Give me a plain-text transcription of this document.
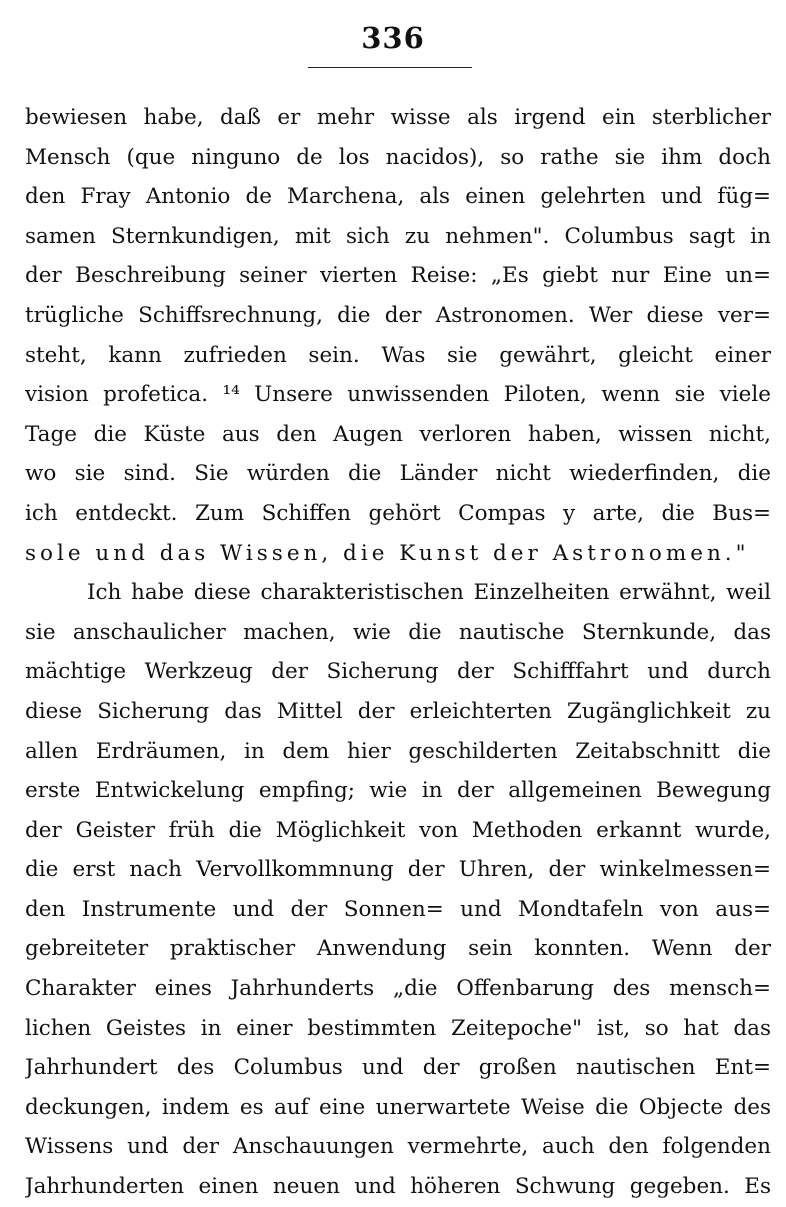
336
bewiesen habe, daß er mehr wisse als irgend ein sterblicher
Mensch (que ninguno de los nacidos), so rathe sie ihm doch
den Fray Antonio de Marchena, als einen gelehrten und füg=
samen Sternkundigen, mit sich zu nehmen". Columbus sagt in
der Beschreibung seiner vierten Reise: „Es giebt nur Eine un=
trügliche Schiffsrechnung, die der Astronomen. Wer diese ver=
steht, kann zufrieden sein. Was sie gewährt, gleicht einer
vision profetica. ¹⁴ Unsere unwissenden Piloten, wenn sie viele
Tage die Küste aus den Augen verloren haben, wissen nicht,
wo sie sind. Sie würden die Länder nicht wiederfinden, die
ich entdeckt. Zum Schiffen gehört Compas y arte, die Bus=
sole und das Wissen, die Kunst der Astronomen."
Ich habe diese charakteristischen Einzelheiten erwähnt, weil
sie anschaulicher machen, wie die nautische Sternkunde, das
mächtige Werkzeug der Sicherung der Schifffahrt und durch
diese Sicherung das Mittel der erleichterten Zugänglichkeit zu
allen Erdräumen, in dem hier geschilderten Zeitabschnitt die
erste Entwickelung empfing; wie in der allgemeinen Bewegung
der Geister früh die Möglichkeit von Methoden erkannt wurde,
die erst nach Vervollkommnung der Uhren, der winkelmessen=
den Instrumente und der Sonnen= und Mondtafeln von aus=
gebreiteter praktischer Anwendung sein konnten. Wenn der
Charakter eines Jahrhunderts „die Offenbarung des mensch=
lichen Geistes in einer bestimmten Zeitepoche" ist, so hat das
Jahrhundert des Columbus und der großen nautischen Ent=
deckungen, indem es auf eine unerwartete Weise die Objecte des
Wissens und der Anschauungen vermehrte, auch den folgenden
Jahrhunderten einen neuen und höheren Schwung gegeben. Es
